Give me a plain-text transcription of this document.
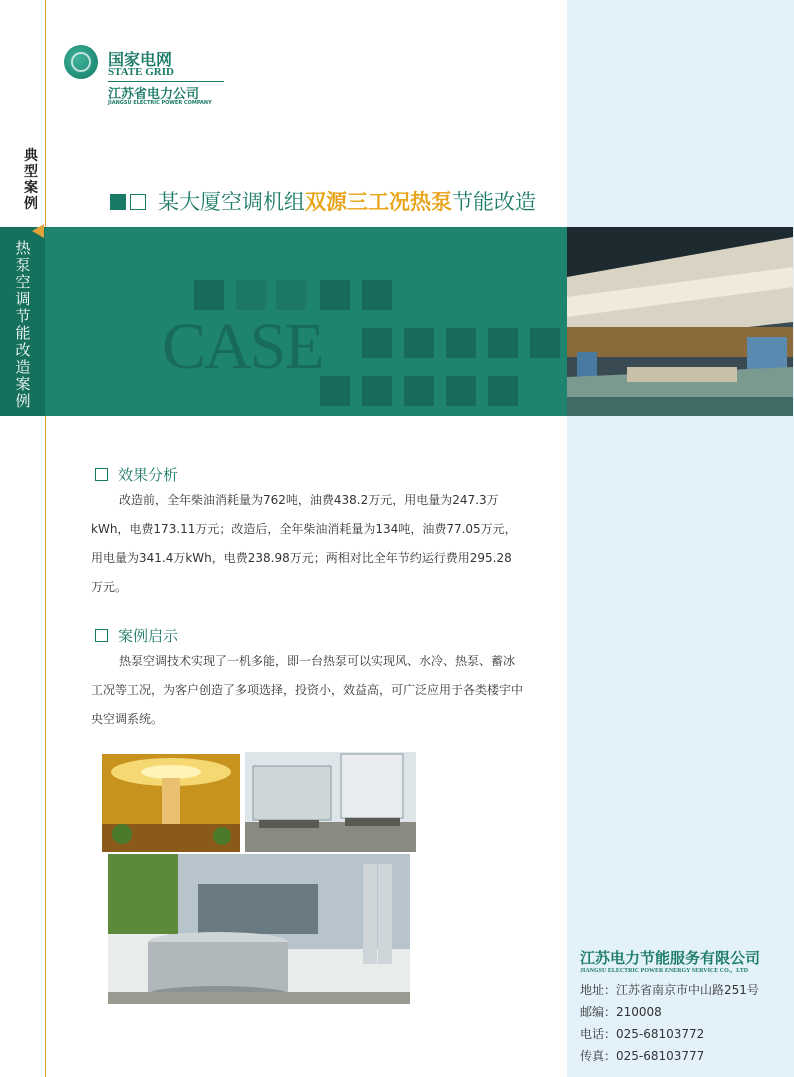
国家电网
STATE GRID
江苏省电力公司
JIANGSU ELECTRIC POWER COMPANY
典型案例	某大厦空调机组双源三工况热泵节能改造
热泵空调节能改造案例
CASE
效果分析

改造前，全年柴油消耗量为762吨，油费438.2万元，用电量为247.3万kWh，电费173.11万元；改造后，全年柴油消耗量为134吨，油费77.05万元，用电量为341.4万kWh，电费238.98万元；两相对比全年节约运行费用295.28万元。

案例启示

热泵空调技术实现了一机多能，即一台热泵可以实现风、水冷、热泵、蓄冰工况等工况，为客户创造了多项选择，投资小，效益高，可广泛应用于各类楼宇中央空调系统。

江苏电力节能服务有限公司
JIANGSU ELECTRIC POWER ENERGY SERVICE CO.，LTD
地址：江苏省南京市中山路251号
邮编：210008
电话：025-68103772
传真：025-68103777
